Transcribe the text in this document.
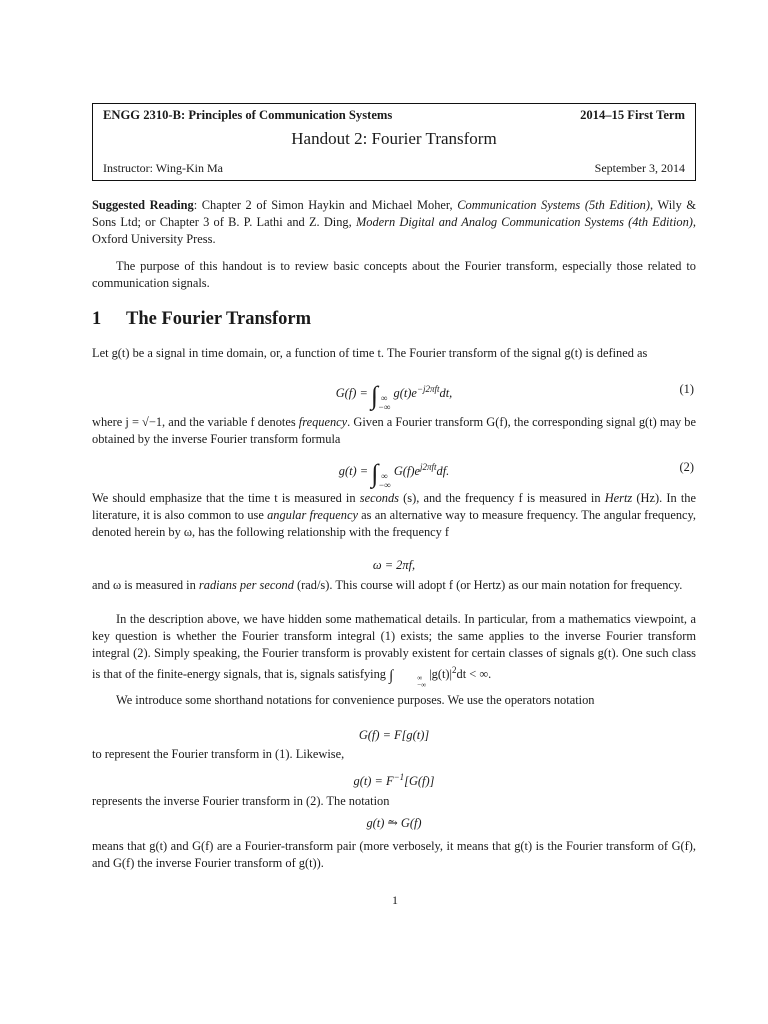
ENGG 2310-B: Principles of Communication Systems	2014–15 First Term
Handout 2: Fourier Transform
Instructor: Wing-Kin Ma	September 3, 2014
Suggested Reading: Chapter 2 of Simon Haykin and Michael Moher, Communication Systems (5th Edition), Wily & Sons Ltd; or Chapter 3 of B. P. Lathi and Z. Ding, Modern Digital and Analog Communication Systems (4th Edition), Oxford University Press.
The purpose of this handout is to review basic concepts about the Fourier transform, especially those related to communication signals.
1 The Fourier Transform
Let g(t) be a signal in time domain, or, a function of time t. The Fourier transform of the signal g(t) is defined as
G(f) = ∫ ∞
−∞
$g(t)e^{-j2\pi ft}dt$,	(1)
where j = √−1, and the variable f denotes frequency. Given a Fourier transform G(f), the corresponding signal g(t) may be obtained by the inverse Fourier transform formula
g(t) = ∫ ∞
−∞
$G(f)e^{j2\pi ft}df$.	(2)
We should emphasize that the time t is measured in seconds (s), and the frequency f is measured in Hertz (Hz). In the literature, it is also common to use angular frequency as an alternative way to measure frequency. The angular frequency, denoted herein by ω, has the following relationship with the frequency f
ω = 2πf,
and ω is measured in radians per second (rad/s). This course will adopt f (or Hertz) as our main notation for frequency.
In the description above, we have hidden some mathematical details. In particular, from a mathematics viewpoint, a key question is whether the Fourier transform integral (1) exists; the same applies to the inverse Fourier transform integral (2). Simply speaking, the Fourier transform is provably existent for certain classes of signals g(t). One such class is that of the finite-energy signals, that is, signals satisfying ∫	∞
−∞
$|g(t)|^2dt$ < ∞.
We introduce some shorthand notations for convenience purposes. We use the operators notation
G(f) = F[g(t)]
to represent the Fourier transform in (1). Likewise,
$g(t) = F^{-1}[G(f)]$
represents the inverse Fourier transform in (2). The notation
g(t) ⥲ G(f)
means that g(t) and G(f) are a Fourier-transform pair (more verbosely, it means that g(t) is the Fourier transform of G(f), and G(f) the inverse Fourier transform of g(t)).
1
